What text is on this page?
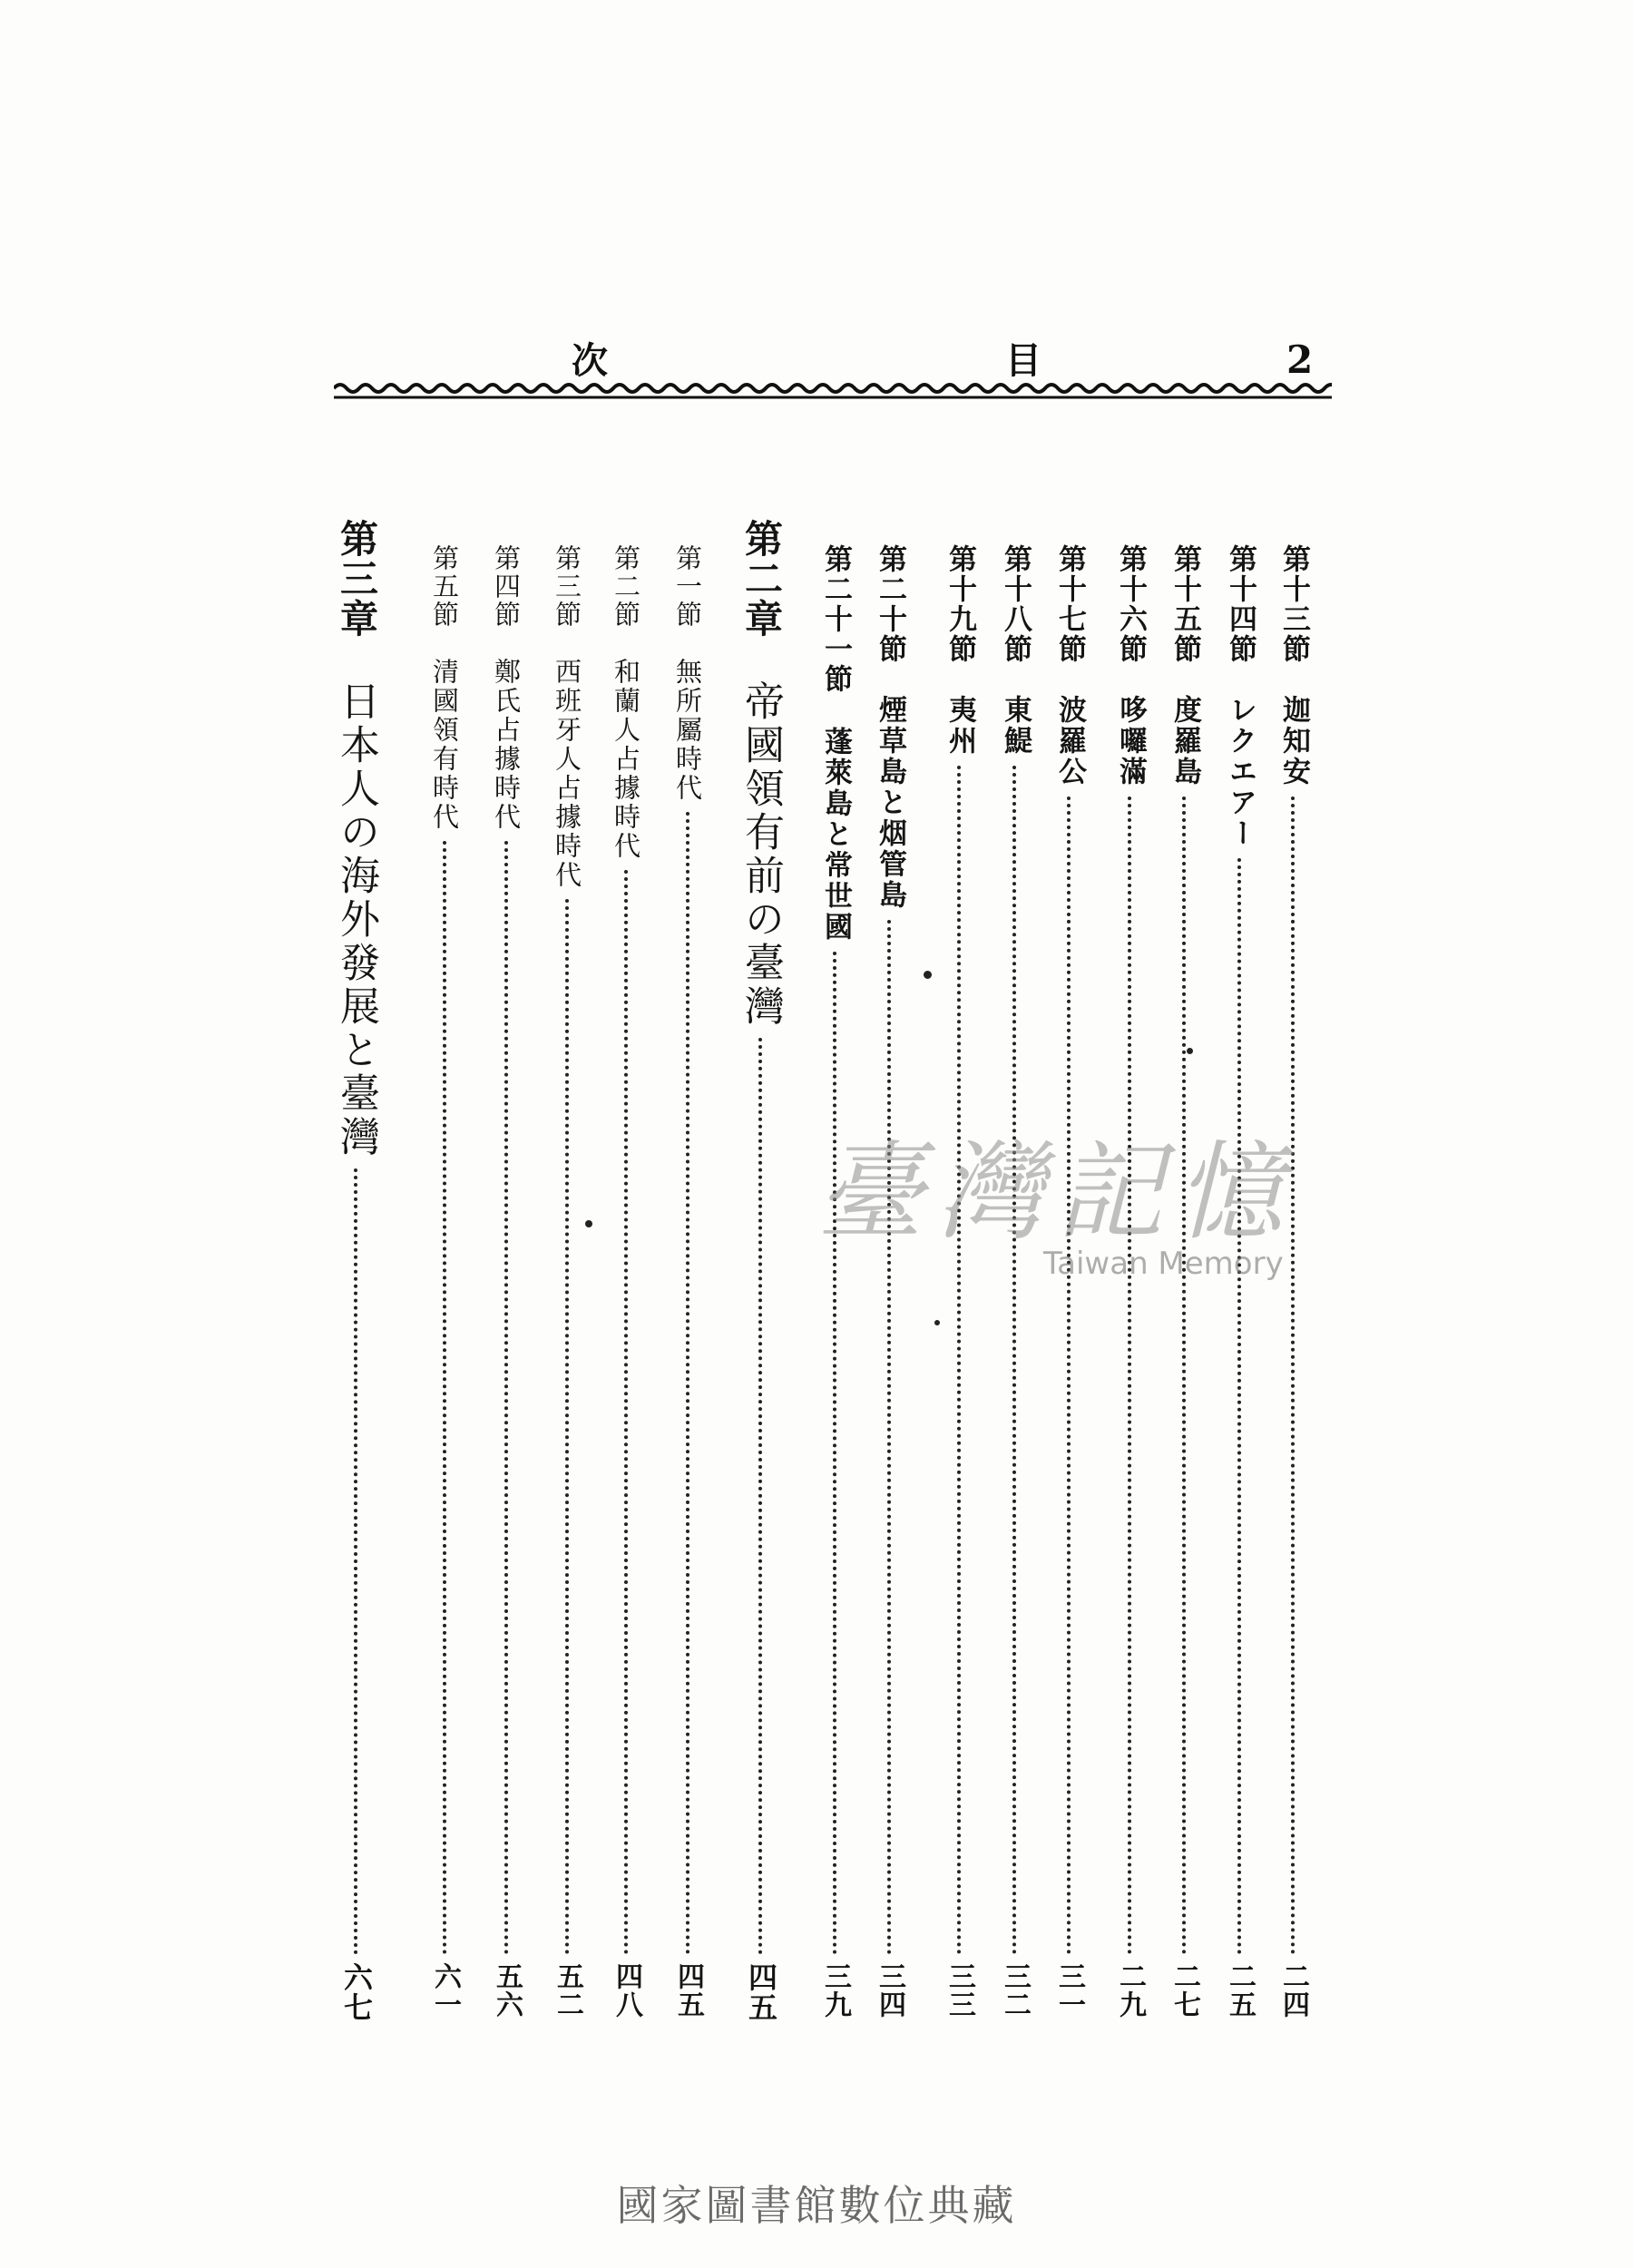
次	目	2
第十三節
迦知安
二四
第十四節
レクエアー
二五
第十五節
度羅島
二七
第十六節
哆囉滿
二九
第十七節
波羅公
三一
第十八節
東鯷
三二
第十九節
夷州
三三
第二十節
煙草島と烟管島
三四
第二十一節
蓬萊島と常世國
三九
第二章
帝國領有前の臺灣
四五
第一節
無所屬時代
四五
第二節
和蘭人占據時代
四八
第三節
西班牙人占據時代
五二
第四節
鄭氏占據時代
五六
第五節
清國領有時代
六一
第三章
日本人の海外發展と臺灣
六七
臺灣記憶
Taiwan Memory
國家圖書館數位典藏
